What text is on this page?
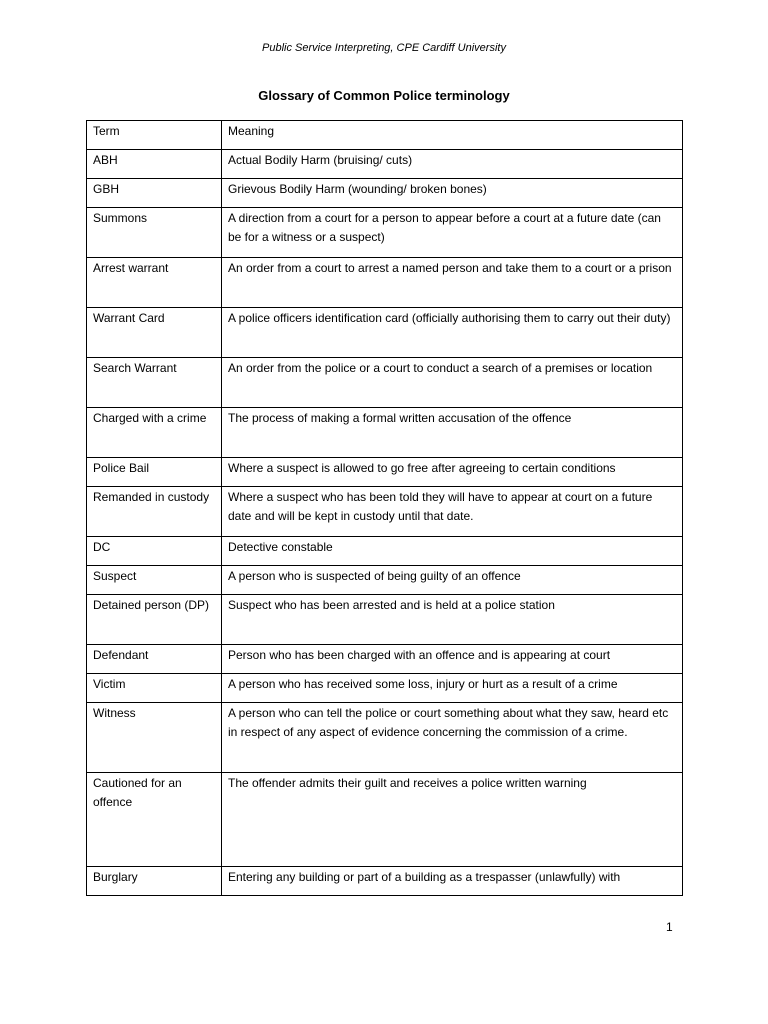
Public Service Interpreting, CPE Cardiff University
Glossary of Common Police terminology
Term	Meaning
ABH	Actual Bodily Harm (bruising/ cuts)
GBH	Grievous Bodily Harm (wounding/ broken bones)
Summons	A direction from a court for a person to appear before a court at a future date (can be for a witness or a suspect)
Arrest warrant	An order from a court to arrest a named person and take them to a court or a prison
Warrant Card	A police officers identification card (officially authorising them to carry out their duty)
Search Warrant	An order from the police or a court to conduct a search of a premises or location
Charged with a crime	The process of making a formal written accusation of the offence
Police Bail	Where a suspect is allowed to go free after agreeing to certain conditions
Remanded in custody	Where a suspect who has been told they will have to appear at court on a future date and will be kept in custody until that date.
DC	Detective constable
Suspect	A person who is suspected of being guilty of an offence
Detained person (DP)	Suspect who has been arrested and is held at a police station
Defendant	Person who has been charged with an offence and is appearing at court
Victim	A person who has received some loss, injury or hurt as a result of a crime
Witness	A person who can tell the police or court something about what they saw, heard etc in respect of any aspect of evidence concerning the commission of a crime.
Cautioned for an offence	The offender admits their guilt and receives a police written warning
Burglary	Entering any building or part of a building as a trespasser (unlawfully) with
1
